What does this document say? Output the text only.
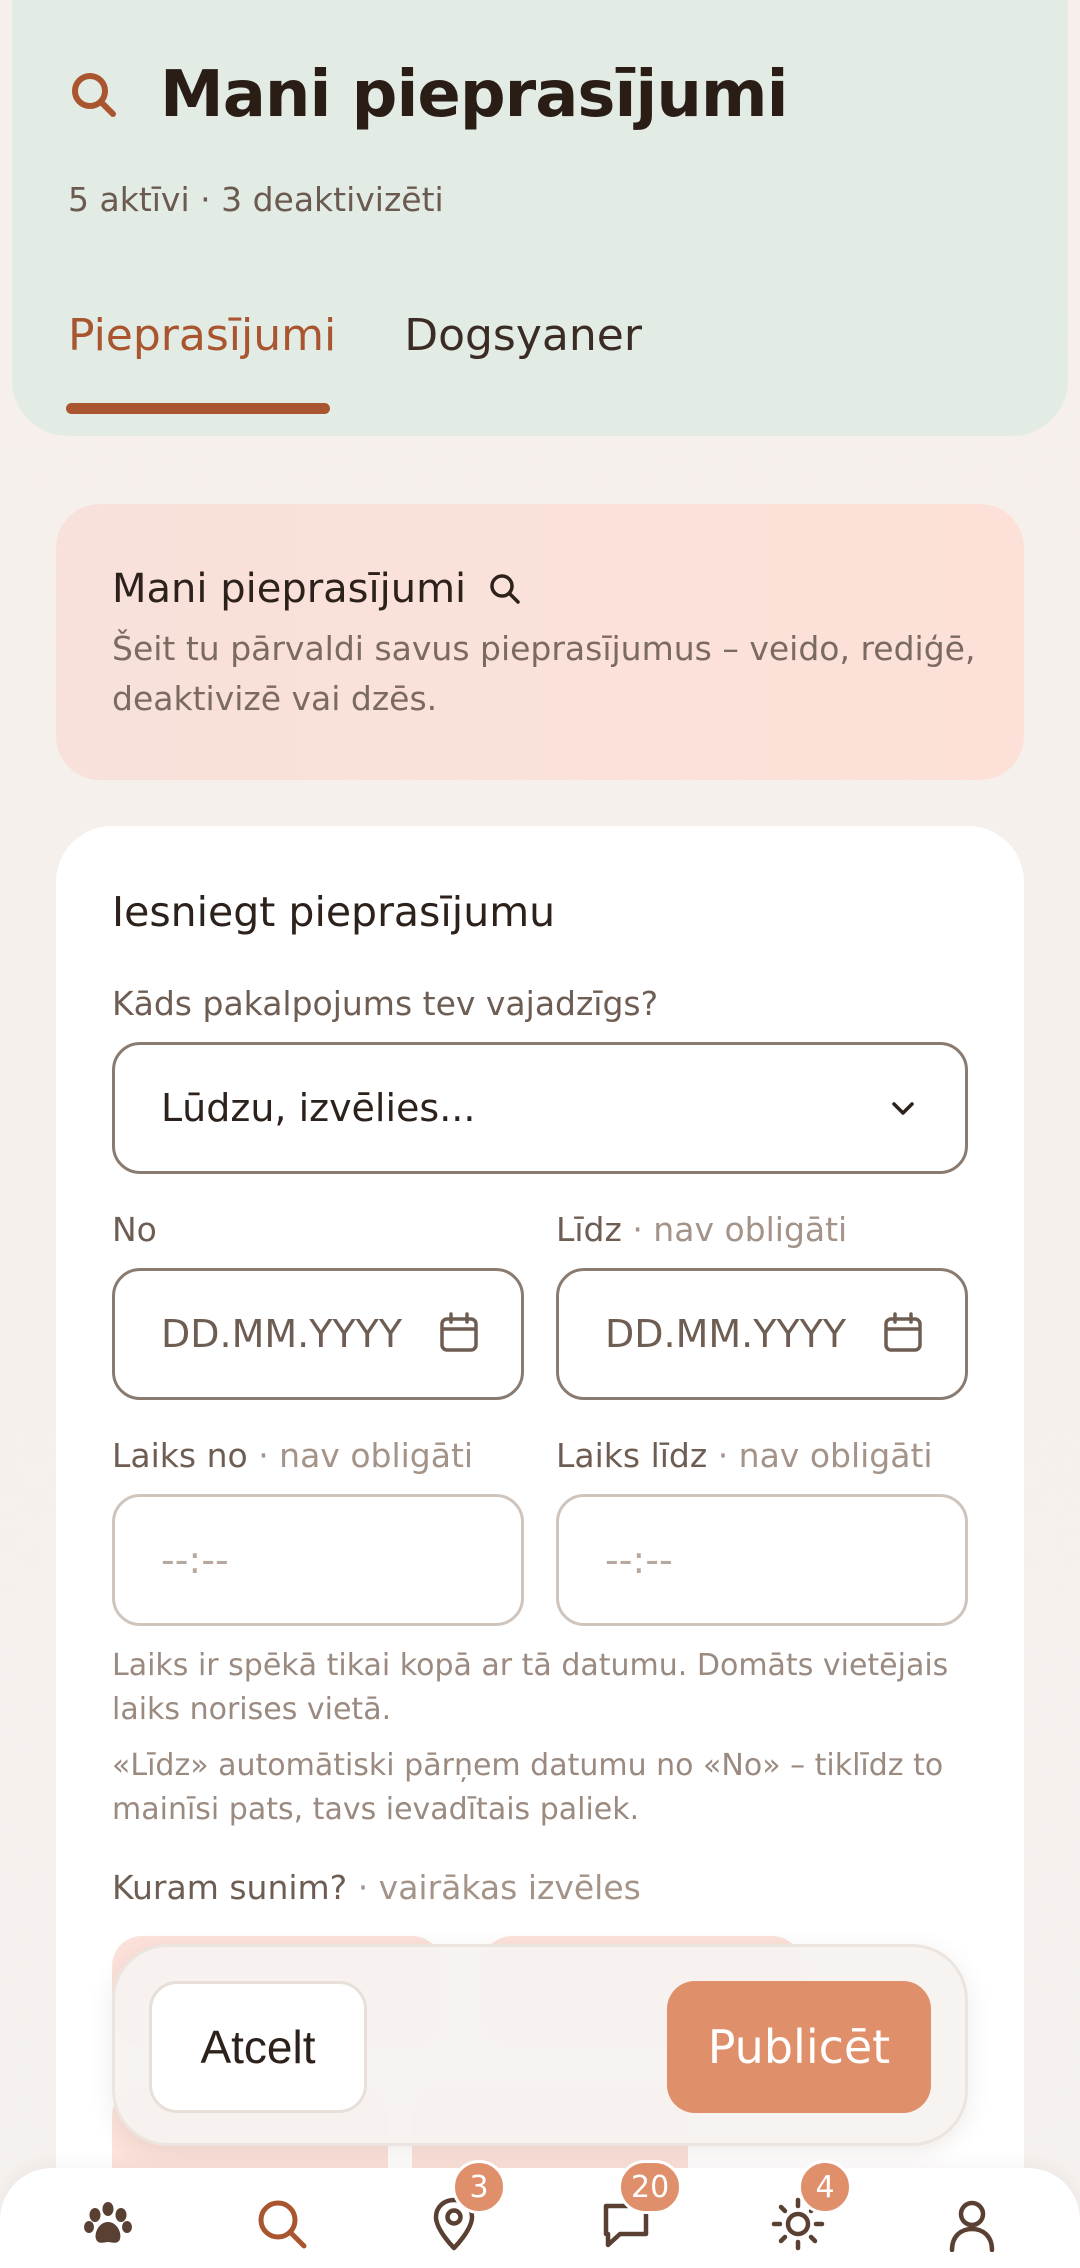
Mani pieprasījumi
5 aktīvi · 3 deaktivizēti
Pieprasījumi Dogsyaner
Mani pieprasījumi
Šeit tu pārvaldi savus pieprasījumus – veido, rediģē, deaktivizē vai dzēs.
Iesniegt pieprasījumu
Kāds pakalpojums tev vajadzīgs?
Lūdzu, izvēlies...
No	Līdz · nav obligāti
DD.MM.YYYY	DD.MM.YYYY
Laiks no · nav obligāti	Laiks līdz · nav obligāti
--:--	--:--
Laiks ir spēkā tikai kopā ar tā datumu. Domāts vietējais laiks norises vietā.
«Līdz» automātiski pārņem datumu no «No» – tiklīdz to mainīsi pats, tavs ievadītais paliek.
Kuram sunim? · vairākas izvēles
Atcelt	Publicēt
3	20	4
